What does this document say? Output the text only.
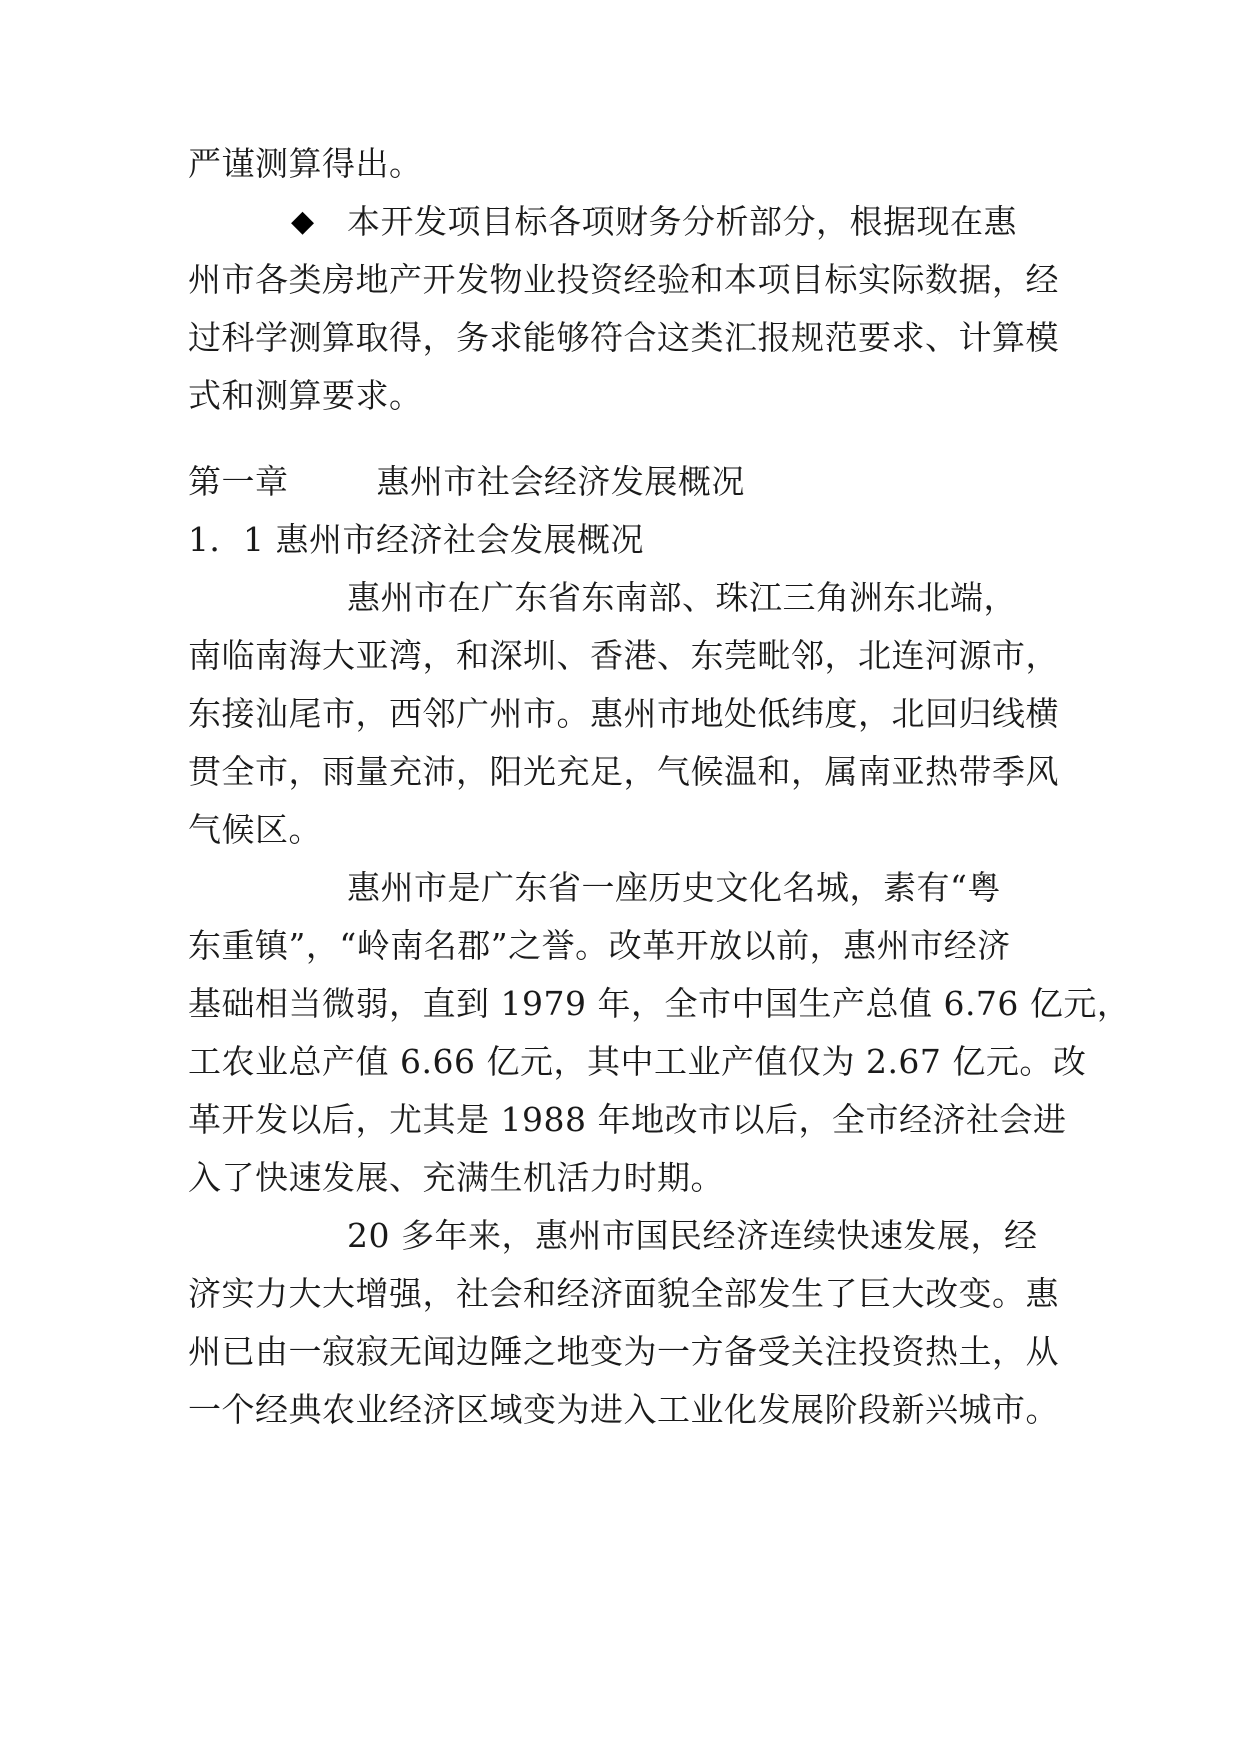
严谨测算得出。
◆ 本开发项目标各项财务分析部分，根据现在惠
州市各类房地产开发物业投资经验和本项目标实际数据，经
过科学测算取得，务求能够符合这类汇报规范要求、计算模
式和测算要求。
第一章        惠州市社会经济发展概况
1．1 惠州市经济社会发展概况
惠州市在广东省东南部、珠江三角洲东北端，
南临南海大亚湾，和深圳、香港、东莞毗邻，北连河源市，
东接汕尾市，西邻广州市。惠州市地处低纬度，北回归线横
贯全市，雨量充沛，阳光充足，气候温和，属南亚热带季风
气候区。
惠州市是广东省一座历史文化名城，素有“粤
东重镇”，“岭南名郡”之誉。改革开放以前，惠州市经济
基础相当微弱，直到 1979 年，全市中国生产总值 6.76 亿元，
工农业总产值 6.66 亿元，其中工业产值仅为 2.67 亿元。改
革开发以后，尤其是 1988 年地改市以后，全市经济社会进
入了快速发展、充满生机活力时期。
20 多年来，惠州市国民经济连续快速发展，经
济实力大大增强，社会和经济面貌全部发生了巨大改变。惠
州已由一寂寂无闻边陲之地变为一方备受关注投资热土，从
一个经典农业经济区域变为进入工业化发展阶段新兴城市。
